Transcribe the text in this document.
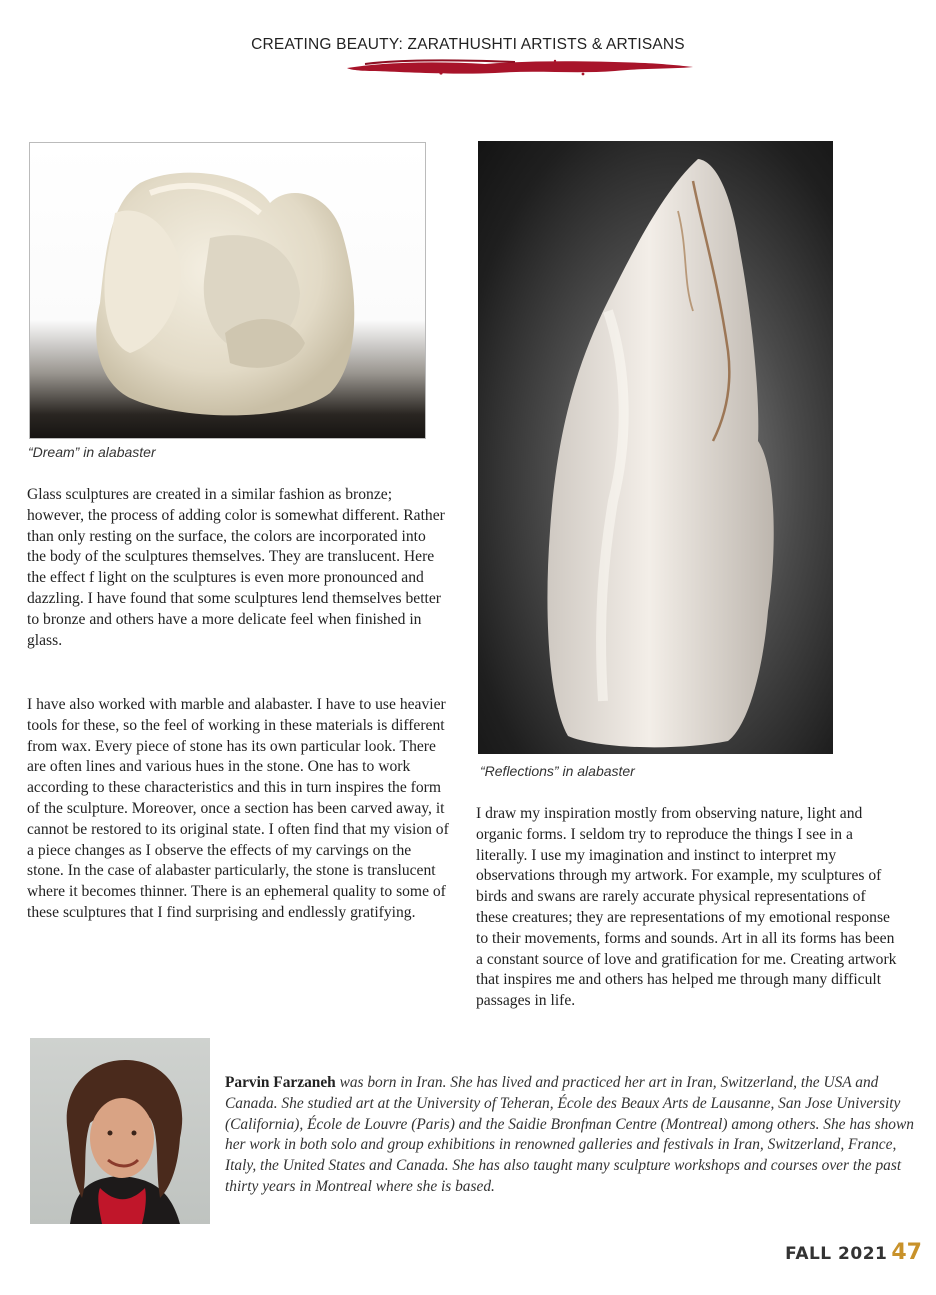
CREATING BEAUTY: ZARATHUSHTI ARTISTS & ARTISANS

“Dream” in alabaster

“Reflections” in alabaster

Glass sculptures are created in a similar fashion as bronze; however, the process of adding color is somewhat different. Rather than only resting on the surface, the colors are incorporated into the body of the sculptures themselves. They are translucent. Here the effect f light on the sculptures is even more pronounced and dazzling. I have found that some sculptures lend themselves better to bronze and others have a more delicate feel when finished in glass.

I have also worked with marble and alabaster. I have to use heavier tools for these, so the feel of working in these materials is different from wax. Every piece of stone has its own particular look. There are often lines and various hues in the stone. One has to work according to these characteristics and this in turn inspires the form of the sculpture. Moreover, once a section has been carved away, it cannot be restored to its original state. I often find that my vision of a piece changes as I observe the effects of my carvings on the stone. In the case of alabaster particularly, the stone is translucent where it becomes thinner. There is an ephemeral quality to some of these sculptures that I find surprising and endlessly gratifying.

I draw my inspiration mostly from observing nature, light and organic forms. I seldom try to reproduce the things I see in a literally. I use my imagination and instinct to interpret my observations through my artwork. For example, my sculptures of birds and swans are rarely accurate physical representations of these creatures; they are representations of my emotional response to their movements, forms and sounds. Art in all its forms has been a constant source of love and gratification for me. Creating artwork that inspires me and others has helped me through many difficult passages in life.

Parvin Farzaneh was born in Iran. She has lived and practiced her art in Iran, Switzerland, the USA and Canada. She studied art at the University of Teheran, École des Beaux Arts de Lausanne, San Jose University (California), École de Louvre (Paris) and the Saidie Bronfman Centre (Montreal) among others. She has shown her work in both solo and group exhibitions in renowned galleries and festivals in Iran, Switzerland, France, Italy, the United States and Canada. She has also taught many sculpture workshops and courses over the past thirty years in Montreal where she is based.

FALL 2021 47
